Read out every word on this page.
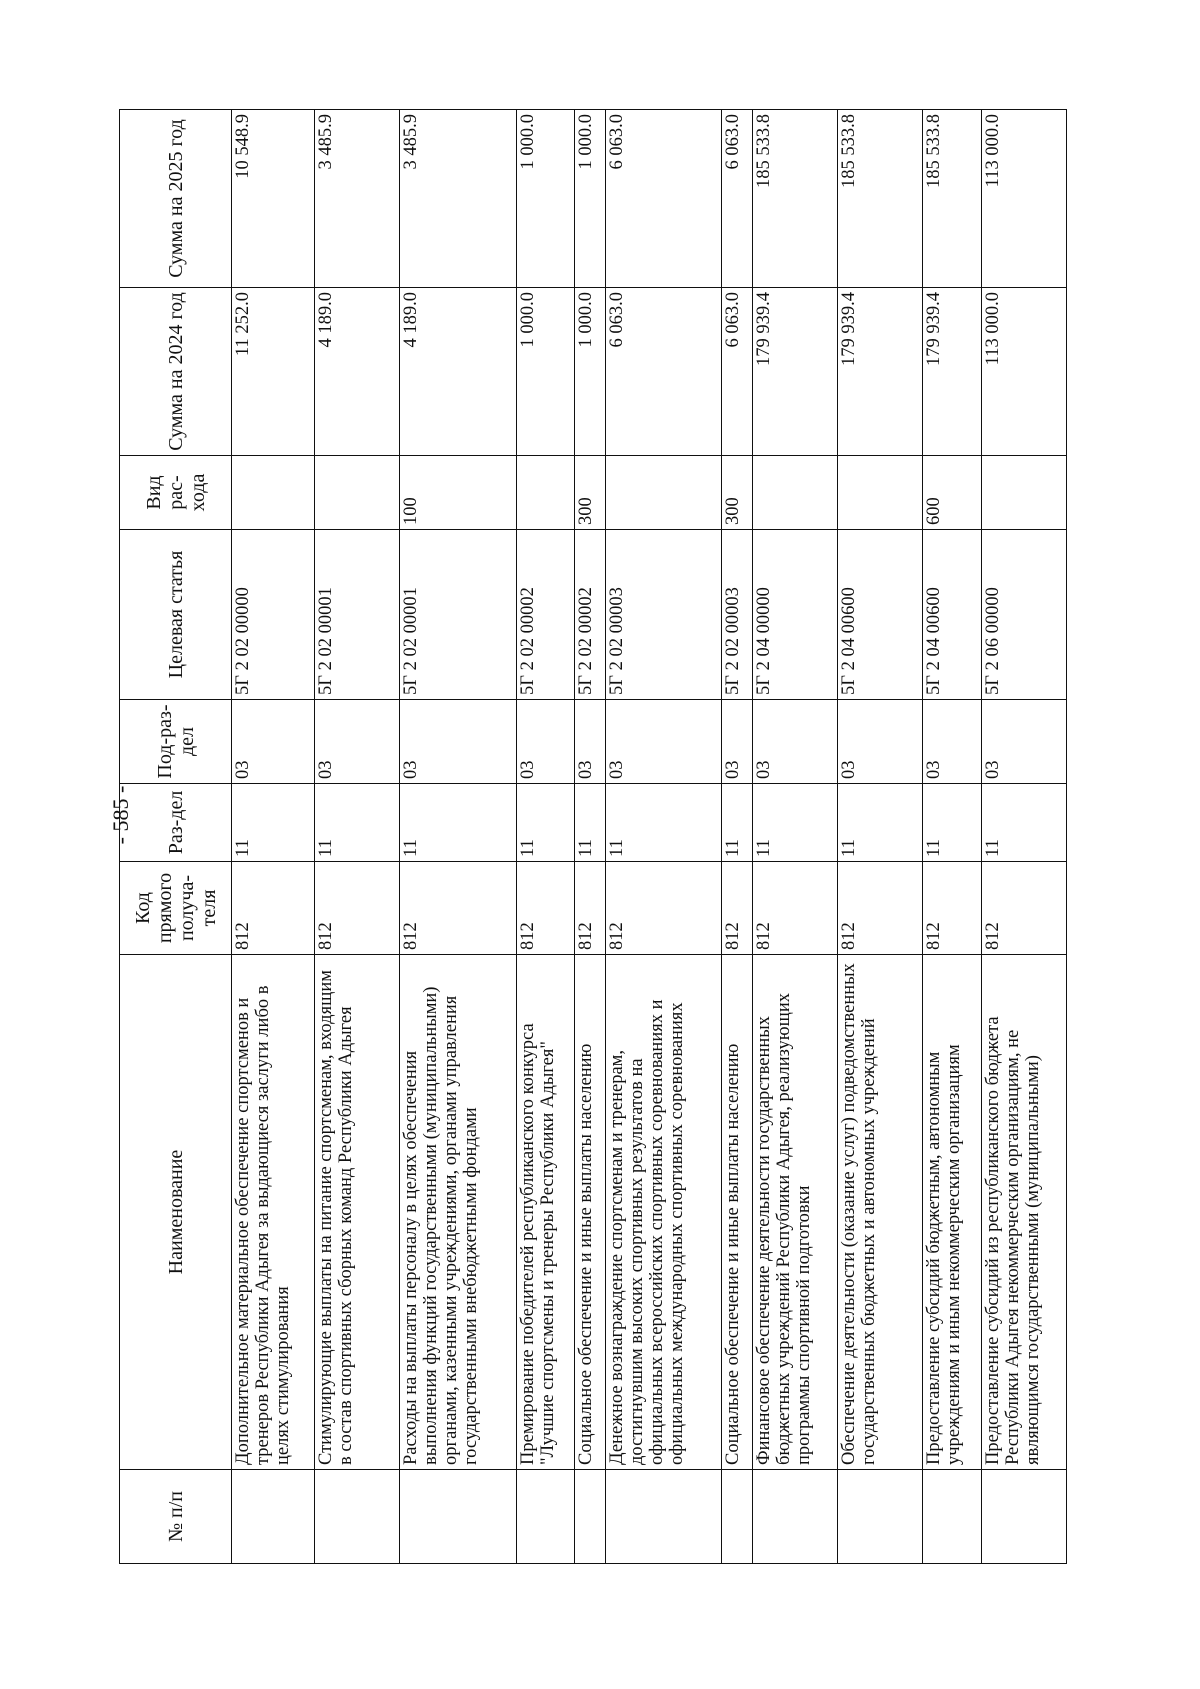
- 585 -
№ п/п	Наименование	Код прямого получа-теля	Раз-дел	Под-раз-дел	Целевая статья	Вид рас-хода	Сумма на 2024 год	Сумма на 2025 год
	Дополнительное материальное обеспечение спортсменов и тренеров Республики Адыгея за выдающиеся заслуги либо в целях стимулирования	812	11	03	5Г 2 02 00000		11 252.0	10 548.9
	Стимулирующие выплаты на питание спортсменам, входящим в состав спортивных сборных команд Республики Адыгея	812	11	03	5Г 2 02 00001		4 189.0	3 485.9
	Расходы на выплаты персоналу в целях обеспечения выполнения функций государственными (муниципальными) органами, казенными учреждениями, органами управления государственными внебюджетными фондами	812	11	03	5Г 2 02 00001	100	4 189.0	3 485.9
	Премирование победителей республиканского конкурса "Лучшие спортсмены и тренеры Республики Адыгея"	812	11	03	5Г 2 02 00002		1 000.0	1 000.0
	Социальное обеспечение и иные выплаты населению	812	11	03	5Г 2 02 00002	300	1 000.0	1 000.0
	Денежное вознаграждение спортсменам и тренерам, достигнувшим высоких спортивных результатов на официальных всероссийских спортивных соревнованиях и официальных международных спортивных соревнованиях	812	11	03	5Г 2 02 00003		6 063.0	6 063.0
	Социальное обеспечение и иные выплаты населению	812	11	03	5Г 2 02 00003	300	6 063.0	6 063.0
	Финансовое обеспечение деятельности государственных бюджетных учреждений Республики Адыгея, реализующих программы спортивной подготовки	812	11	03	5Г 2 04 00000		179 939.4	185 533.8
	Обеспечение деятельности (оказание услуг) подведомственных государственных бюджетных и автономных учреждений	812	11	03	5Г 2 04 00600		179 939.4	185 533.8
	Предоставление субсидий бюджетным, автономным учреждениям и иным некоммерческим организациям	812	11	03	5Г 2 04 00600	600	179 939.4	185 533.8
	Предоставление субсидий из республиканского бюджета Республики Адыгея некоммерческим организациям, не являющимся государственными (муниципальными)	812	11	03	5Г 2 06 00000		113 000.0	113 000.0
